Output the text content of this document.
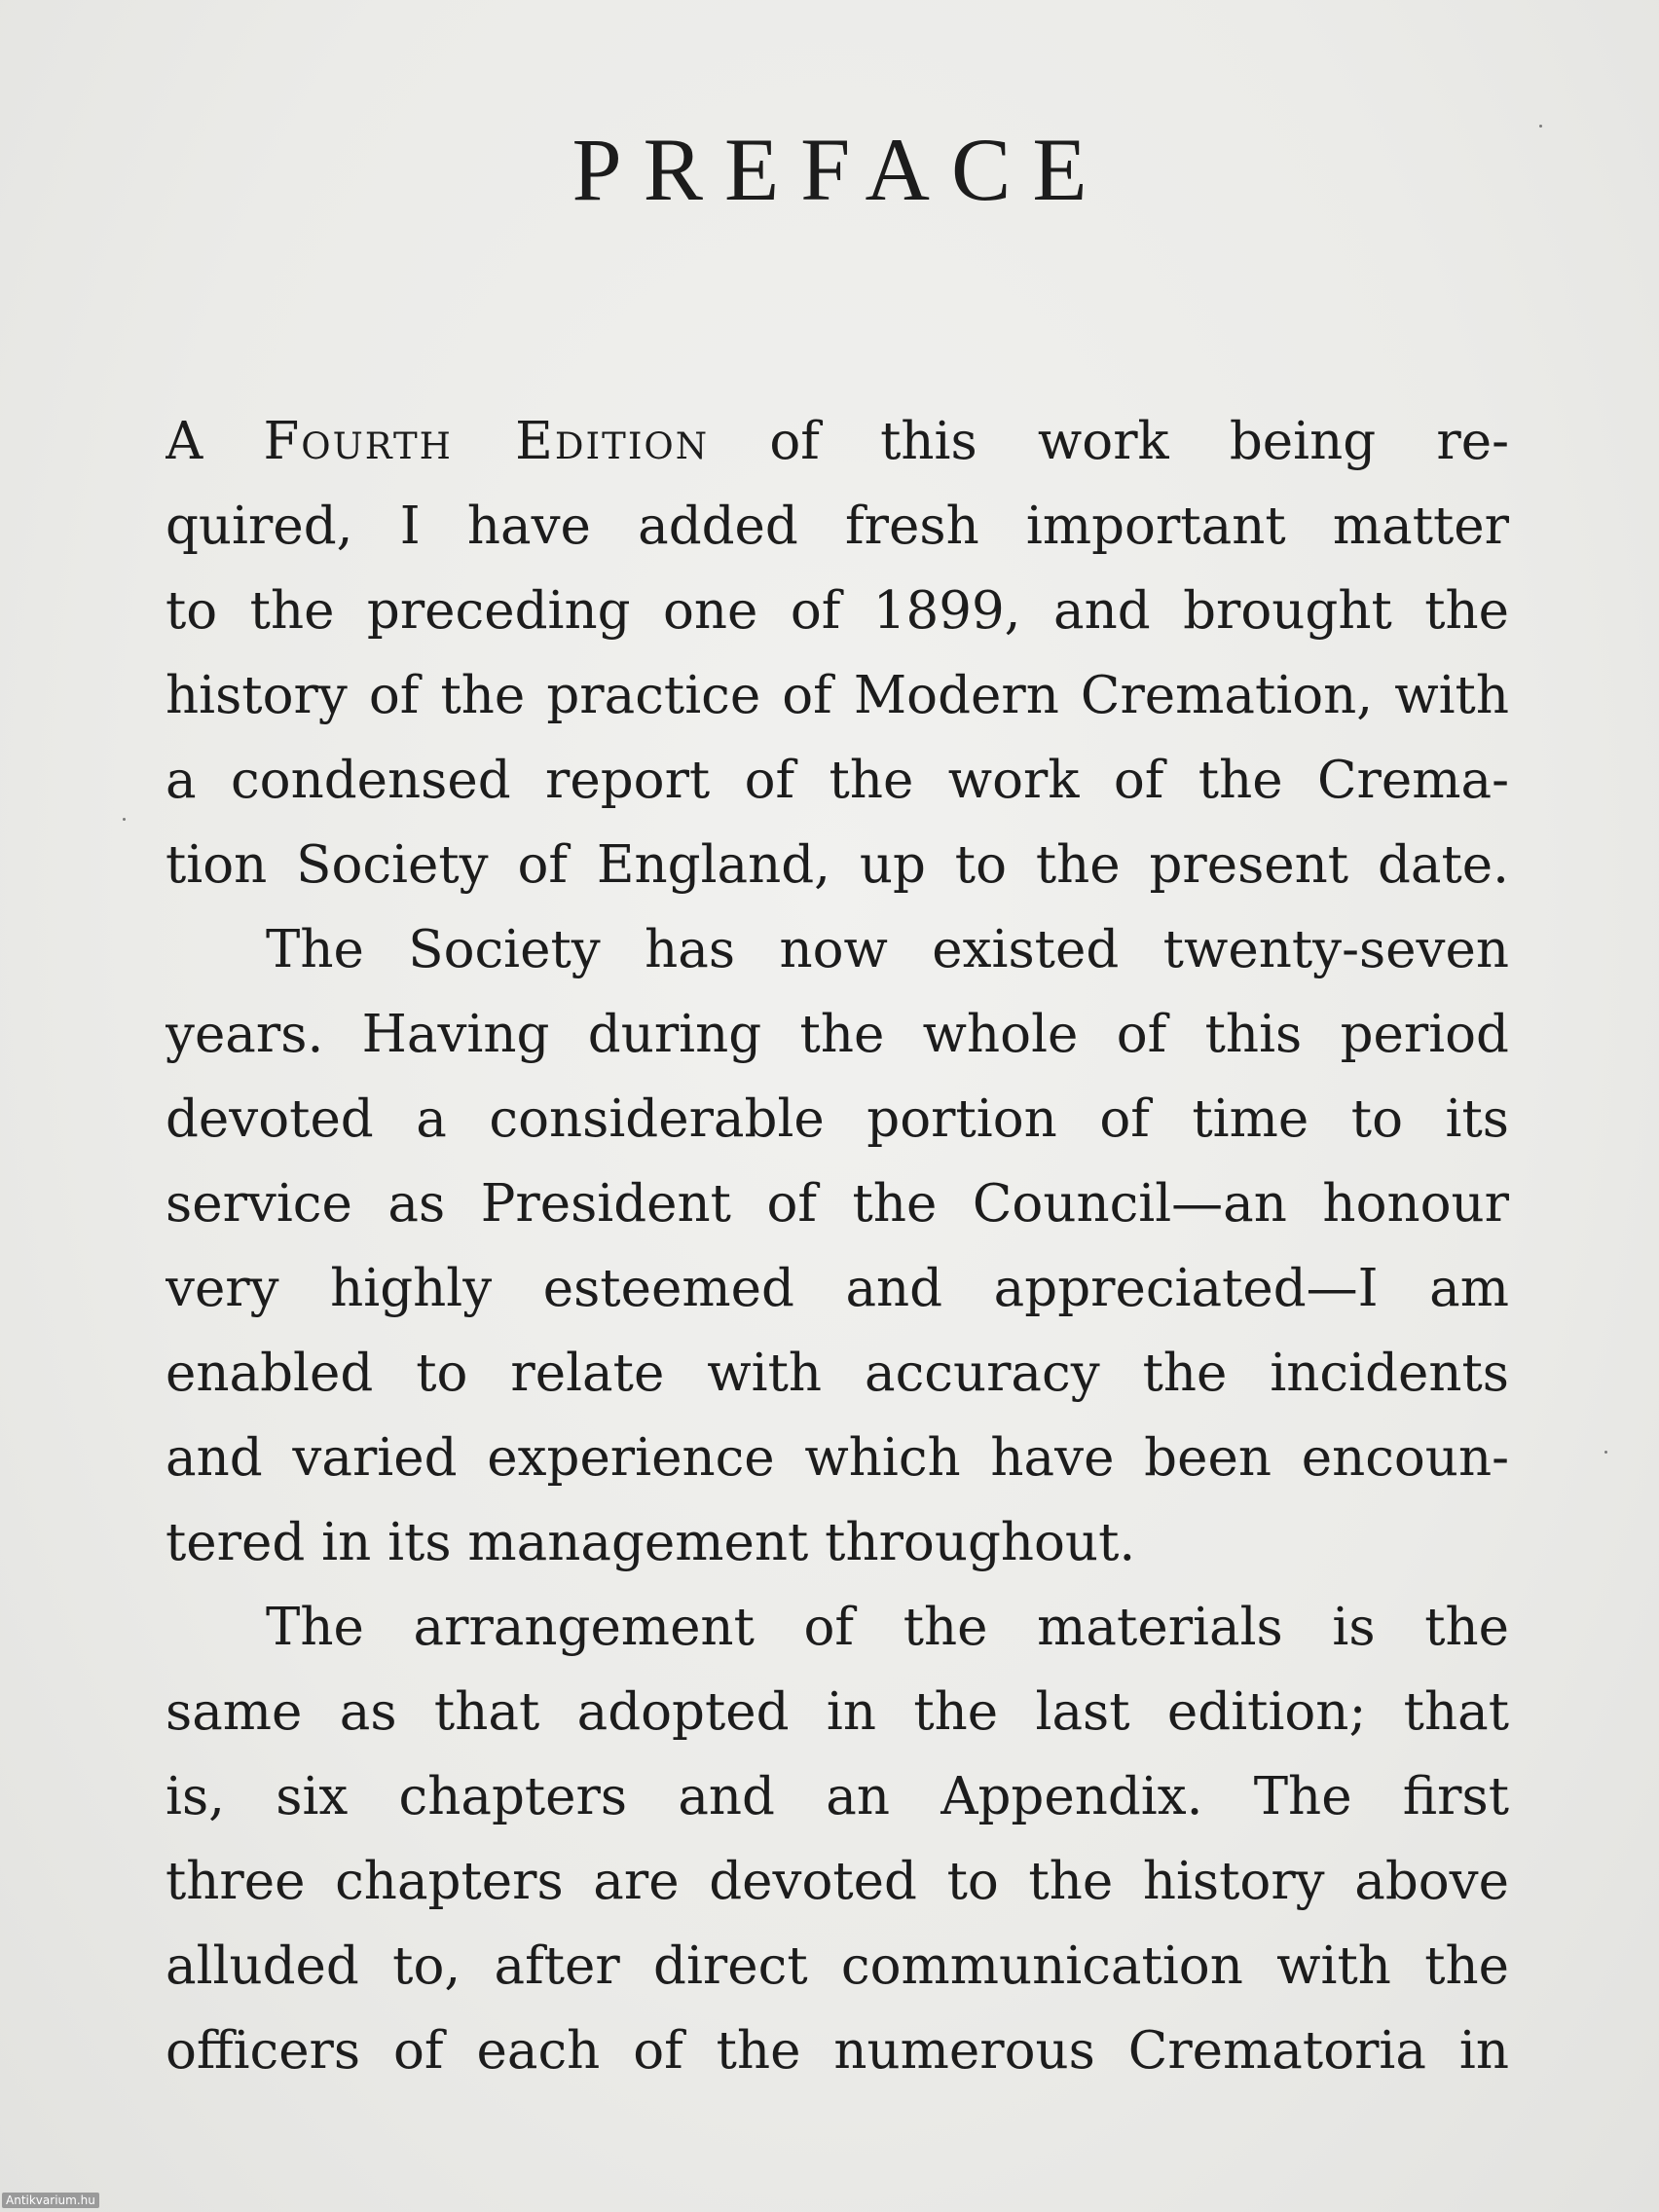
PREFACE
A Fourth Edition of this work being re-
quired, I have added fresh important matter
to the preceding one of 1899, and brought the
history of the practice of Modern Cremation, with
a condensed report of the work of the Crema-
tion Society of England, up to the present date.
The Society has now existed twenty-seven
years. Having during the whole of this period
devoted a considerable portion of time to its
service as President of the Council—an honour
very highly esteemed and appreciated—I am
enabled to relate with accuracy the incidents
and varied experience which have been encoun-
tered in its management throughout.
The arrangement of the materials is the
same as that adopted in the last edition; that
is, six chapters and an Appendix. The first
three chapters are devoted to the history above
alluded to, after direct communication with the
officers of each of the numerous Crematoria in
Antikvarium.hu
